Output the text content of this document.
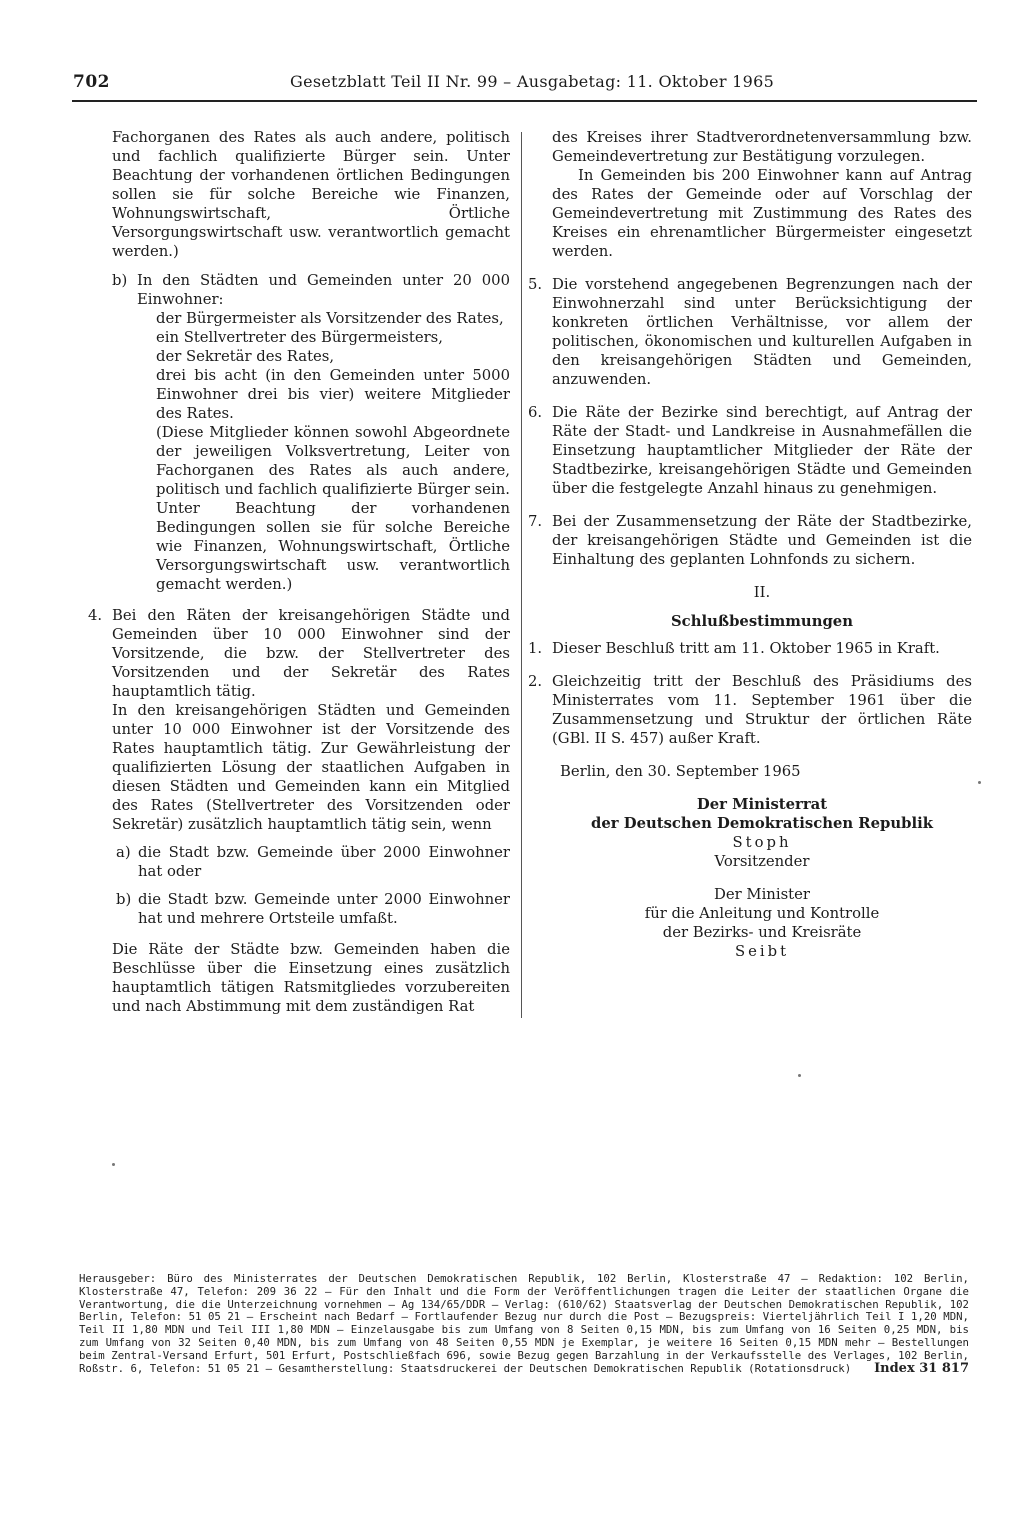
702	Gesetzblatt Teil II Nr. 99 – Ausgabetag: 11. Oktober 1965

Fachorganen des Rates als auch andere, politisch und fachlich qualifizierte Bürger sein. Unter Beachtung der vorhandenen örtlichen Bedingungen sollen sie für solche Bereiche wie Finanzen, Wohnungswirtschaft, Örtliche Versorgungswirtschaft usw. verantwortlich gemacht werden.)

b) In den Städten und Gemeinden unter 20 000 Einwohner:

der Bürgermeister als Vorsitzender des Rates,

ein Stellvertreter des Bürgermeisters,

der Sekretär des Rates,

drei bis acht (in den Gemeinden unter 5000 Einwohner drei bis vier) weitere Mitglieder des Rates.

(Diese Mitglieder können sowohl Abgeordnete der jeweiligen Volksvertretung, Leiter von Fachorganen des Rates als auch andere, politisch und fachlich qualifizierte Bürger sein. Unter Beachtung der vorhandenen Bedingungen sollen sie für solche Bereiche wie Finanzen, Wohnungswirtschaft, Örtliche Versorgungswirtschaft usw. verantwortlich gemacht werden.)

4. Bei den Räten der kreisangehörigen Städte und Gemeinden über 10 000 Einwohner sind der Vorsitzende, die bzw. der Stellvertreter des Vorsitzenden und der Sekretär des Rates hauptamtlich tätig.

In den kreisangehörigen Städten und Gemeinden unter 10 000 Einwohner ist der Vorsitzende des Rates hauptamtlich tätig. Zur Gewährleistung der qualifizierten Lösung der staatlichen Aufgaben in diesen Städten und Gemeinden kann ein Mitglied des Rates (Stellvertreter des Vorsitzenden oder Sekretär) zusätzlich hauptamtlich tätig sein, wenn

a) die Stadt bzw. Gemeinde über 2000 Einwohner hat oder

b) die Stadt bzw. Gemeinde unter 2000 Einwohner hat und mehrere Ortsteile umfaßt.

Die Räte der Städte bzw. Gemeinden haben die Beschlüsse über die Einsetzung eines zusätzlich hauptamtlich tätigen Ratsmitgliedes vorzubereiten und nach Abstimmung mit dem zuständigen Rat

des Kreises ihrer Stadtverordnetenversammlung bzw. Gemeindevertretung zur Bestätigung vorzulegen.

In Gemeinden bis 200 Einwohner kann auf Antrag des Rates der Gemeinde oder auf Vorschlag der Gemeindevertretung mit Zustimmung des Rates des Kreises ein ehrenamtlicher Bürgermeister eingesetzt werden.

5. Die vorstehend angegebenen Begrenzungen nach der Einwohnerzahl sind unter Berücksichtigung der konkreten örtlichen Verhältnisse, vor allem der politischen, ökonomischen und kulturellen Aufgaben in den kreisangehörigen Städten und Gemeinden, anzuwenden.

6. Die Räte der Bezirke sind berechtigt, auf Antrag der Räte der Stadt- und Landkreise in Ausnahmefällen die Einsetzung hauptamtlicher Mitglieder der Räte der Stadtbezirke, kreisangehörigen Städte und Gemeinden über die festgelegte Anzahl hinaus zu genehmigen.

7. Bei der Zusammensetzung der Räte der Stadtbezirke, der kreisangehörigen Städte und Gemeinden ist die Einhaltung des geplanten Lohnfonds zu sichern.

II.

Schlußbestimmungen

1. Dieser Beschluß tritt am 11. Oktober 1965 in Kraft.

2. Gleichzeitig tritt der Beschluß des Präsidiums des Ministerrates vom 11. September 1961 über die Zusammensetzung und Struktur der örtlichen Räte (GBl. II S. 457) außer Kraft.

Berlin, den 30. September 1965

Der Ministerrat

der Deutschen Demokratischen Republik

Stoph

Vorsitzender

Der Minister

für die Anleitung und Kontrolle

der Bezirks- und Kreisräte

Seibt

Herausgeber: Büro des Ministerrates der Deutschen Demokratischen Republik, 102 Berlin, Klosterstraße 47 – Redaktion: 102 Berlin, Klosterstraße 47, Telefon: 209 36 22 – Für den Inhalt und die Form der Veröffentlichungen tragen die Leiter der staatlichen Organe die Verantwortung, die die Unterzeichnung vornehmen – Ag 134/65/DDR – Verlag: (610/62) Staatsverlag der Deutschen Demokratischen Republik, 102 Berlin, Telefon: 51 05 21 – Erscheint nach Bedarf – Fortlaufender Bezug nur durch die Post – Bezugspreis: Vierteljährlich Teil I 1,20 MDN, Teil II 1,80 MDN und Teil III 1,80 MDN – Einzelausgabe bis zum Umfang von 8 Seiten 0,15 MDN, bis zum Umfang von 16 Seiten 0,25 MDN, bis zum Umfang von 32 Seiten 0,40 MDN, bis zum Umfang von 48 Seiten 0,55 MDN je Exemplar, je weitere 16 Seiten 0,15 MDN mehr – Bestellungen beim Zentral-Versand Erfurt, 501 Erfurt, Postschließfach 696, sowie Bezug gegen Barzahlung in der Verkaufsstelle des Verlages, 102 Berlin, Roßstr. 6, Telefon: 51 05 21 – Gesamtherstellung: Staatsdruckerei der Deutschen Demokratischen Republik (Rotationsdruck) Index 31 817
